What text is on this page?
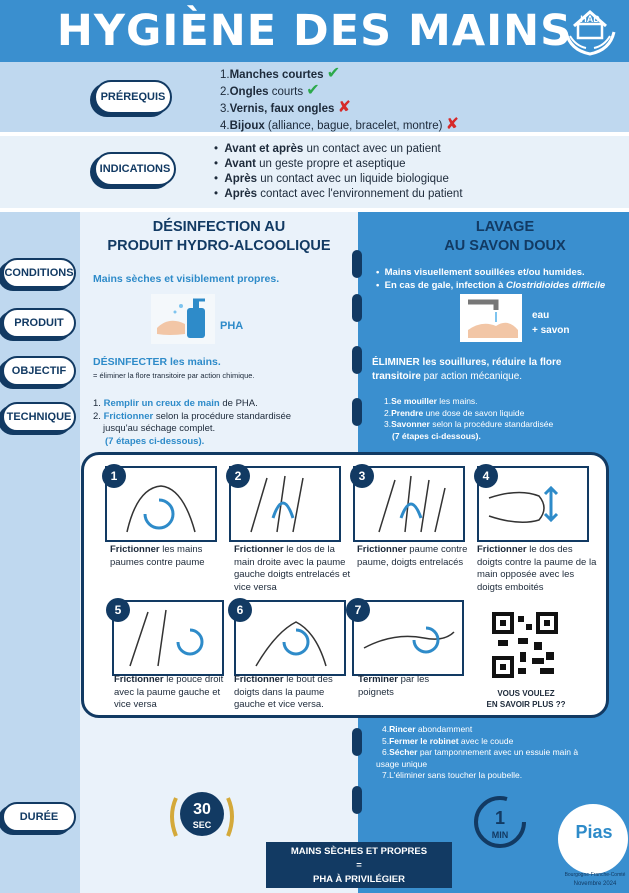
HYGIÈNE DES MAINS HAD
PRÉREQUIS
1.Manches courtes ✔
2.Ongles courts ✔
3.Vernis, faux ongles ✘
4.Bijoux (alliance, bague, bracelet, montre) ✘
INDICATIONS
•  Avant et après un contact avec un patient
•  Avant un geste propre et aseptique
•  Après un contact avec un liquide biologique
•  Après contact avec l'environnement du patient
CONDITIONS
PRODUIT
OBJECTIF
TECHNIQUE
DURÉE
DÉSINFECTION AU
PRODUIT HYDRO-ALCOOLIQUE
Mains sèches et visiblement propres.
PHA
DÉSINFECTER les mains.
= éliminer la flore transitoire par action chimique.
1. Remplir un creux de main de PHA.
2. Frictionner selon la procédure standardisée
jusqu'au séchage complet.
(7 étapes ci-dessous).
LAVAGE
AU SAVON DOUX
•  Mains visuellement souillées et/ou humides.
•  En cas de gale, infection à Clostridioides difficile
eau
+ savon
ÉLIMINER les souillures, réduire la flore transitoire par action mécanique.
1.Se mouiller les mains.
2.Prendre une dose de savon liquide
3.Savonner selon la procédure standardisée
(7 étapes ci-dessous).
4.Rincer abondamment
5.Fermer le robinet avec le coude
6.Sécher par tamponnement avec un essuie main à
usage unique
7.L'éliminer sans toucher la poubelle.
1
Frictionner les mains paumes contre paume
2
Frictionner le dos de la main droite avec la paume gauche doigts entrelacés et vice versa
3
Frictionner paume contre paume, doigts entrelacés
4
Frictionner le dos des doigts contre la paume de la main opposée avec les doigts emboités
5
Frictionner le pouce droit avec la paume gauche et vice versa
6
Frictionner le bout des doigts dans la paume gauche et vice versa.
7
Terminer par les poignets	VOUS VOULEZ
EN SAVOIR PLUS ??
30
SEC	1
MIN
MAINS SÈCHES ET PROPRES
=
PHA À PRIVILÉGIER
Pias
Bourgogne-Franche-Comté
Novembre 2024
